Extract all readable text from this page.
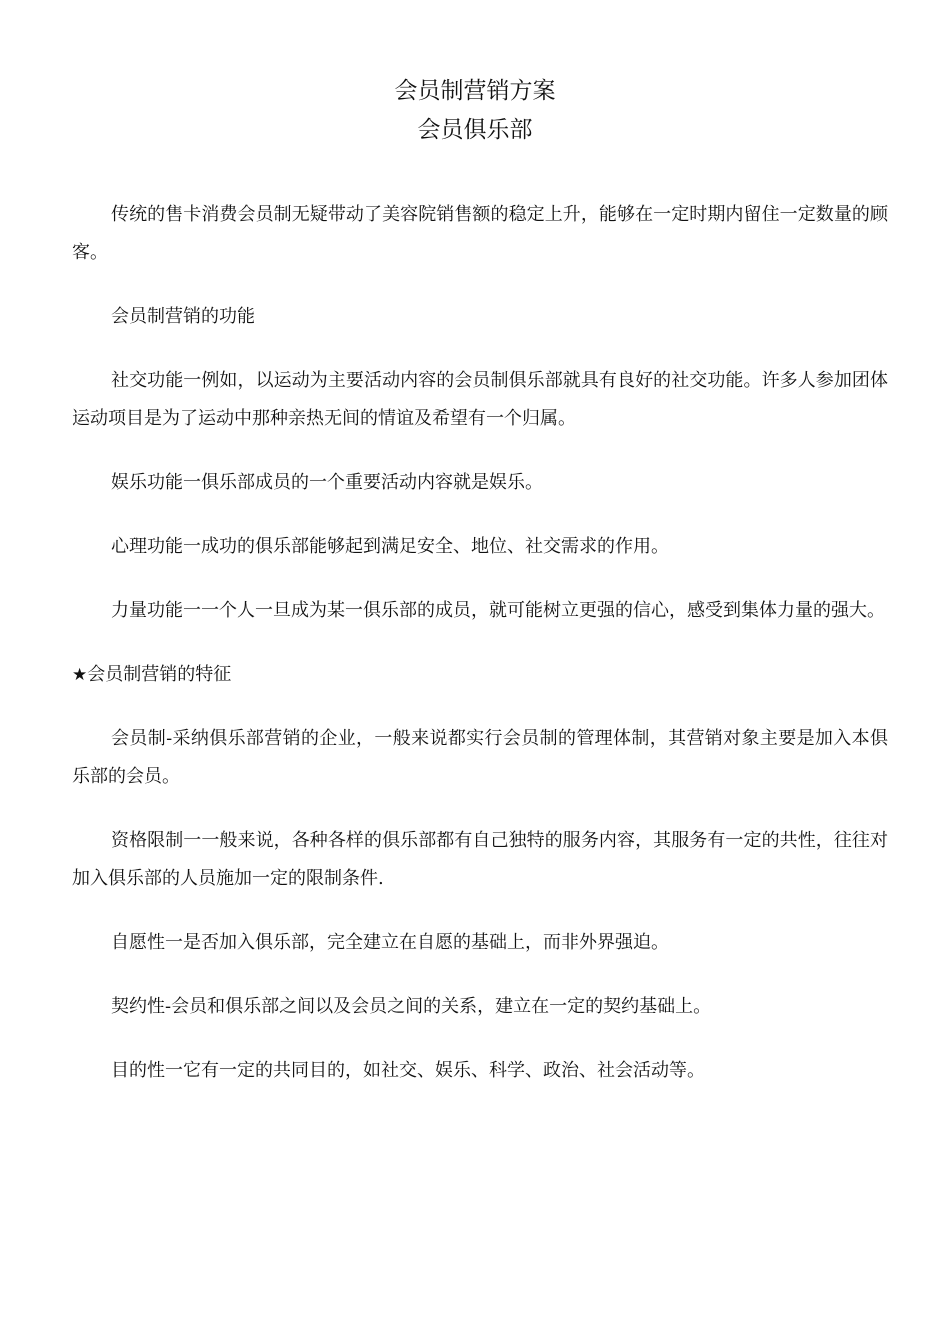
会员制营销方案
会员俱乐部

传统的售卡消费会员制无疑带动了美容院销售额的稳定上升，能够在一定时期内留住一定数量的顾客。

会员制营销的功能

社交功能一例如，以运动为主要活动内容的会员制俱乐部就具有良好的社交功能。许多人参加团体运动项目是为了运动中那种亲热无间的情谊及希望有一个归属。

娱乐功能一俱乐部成员的一个重要活动内容就是娱乐。

心理功能一成功的俱乐部能够起到满足安全、地位、社交需求的作用。

力量功能一一个人一旦成为某一俱乐部的成员，就可能树立更强的信心，感受到集体力量的强大。

★会员制营销的特征

会员制-采纳俱乐部营销的企业，一般来说都实行会员制的管理体制，其营销对象主要是加入本俱乐部的会员。

资格限制一一般来说，各种各样的俱乐部都有自己独特的服务内容，其服务有一定的共性，往往对加入俱乐部的人员施加一定的限制条件.

自愿性一是否加入俱乐部，完全建立在自愿的基础上，而非外界强迫。

契约性-会员和俱乐部之间以及会员之间的关系，建立在一定的契约基础上。

目的性一它有一定的共同目的，如社交、娱乐、科学、政治、社会活动等。
